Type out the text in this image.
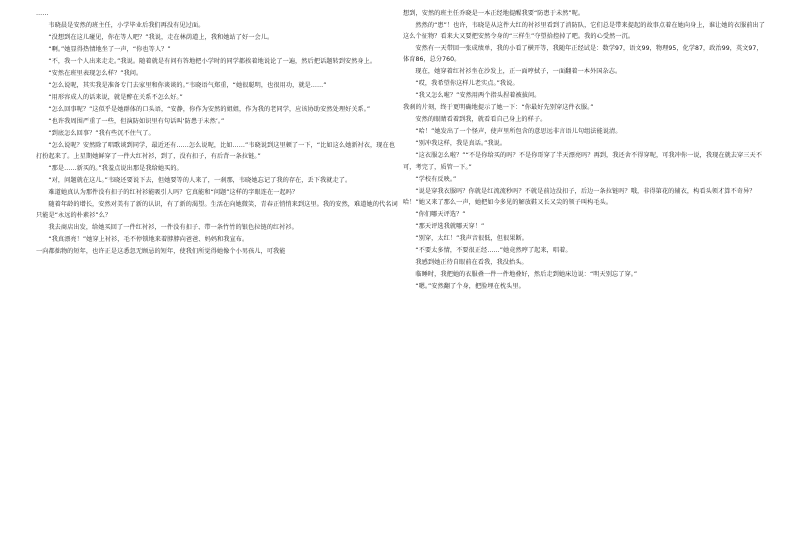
……

韦晓晨是安然的班主任，小学毕业后我们再没有见过面。

“没想到在这儿碰见，你在等人吧？”我说，走在林荫道上，我和她站了好一会儿。

“啊。”她显得热情地坐了一声，“你也等人？”

“不，我一个人出来走走。”我说。随着就是有问有答地把小学时的同学都挨着地说论了一遍，然后把话题转到安然身上。

“安然在班里表现怎么样？”我问。

“怎么说呢，其实我是准备专门去家里和你谈谈的。”韦晓语气郑重，“她很聪明，也很用功，就是……”

“用形容成人的话来说，就是醉在关系不怎么好。”

“怎么回事呢？”这似乎是她群体的口头语，“安静，你作为安然的姐姐，作为我的老同学，应该协助安然处理好关系。”

“也许我周围严重了一些，但演防如识里有句话叫‘防患于未然’。”

“到底怎么回事？”我有些沉不住气了。

“怎么说呢？安然除了唱歌谈到同学，最近还有……怎么说呢，比如……”韦晓说到这里顿了一下，“比如这么她新衬衣，现在也打扮起来了。上星期她鲜穿了一件大红衬衫，到了，没有扣子，有后背一条拉链。”

“那是……新买的。”我羞点说出那是我给她买的。

“对，问题就在这儿。”韦晓还要说下去，但她要等的人来了，一刹那，韦晓她忘记了我的存在，丢下我就走了。

难道她真认为那件没有扣子的红衬衫能吸引人吗？它真能和“问题”这样的字眼连在一起吗？

随着年龄的增长，安然对美有了新的认识，有了新的渴望。生活在向她微笑，青春正悄悄来到这里。我的安然，难道她的代名词只能是“永远的朴素衫”么？

我去商店出发，给她买回了一件红衬衫，一件没有扣子、带一条竹竹的银色拉链的红衬衫。

“我真漂亮！”她穿上衬衫，毛不停锁地来着脖脖向爸爸、妈妈和我宣布。

一向都拙物的短年，也许正是这悉忽无顾忌的短年，使我们所觉得她像个小男孩儿，可我能

想到，安然的班主任乔晓是一本正经地提醒我要“防患于未然”呢。

然然的“患”！也许，韦晓是从这件大红的衬衫里看到了消防队，它们总是带来提起的故事点着在她向身上，谁让她的衣服前出了这么个征物？看来大又要把安然令身的“三样生”夺望拾控掉了吧。我的心受然一沉。

安然有一天带回一张成绩单，我的小看了横开等，我随年正经试是：数学97，语文99，物理95，化学87，政治99，英文97，体育86，总分760。

现在，她穿着红衬衫坐在沙发上，正一面哼拭子，一面翻着一本外国杂志。

“哎，我希望你这样儿老实点。”我说。

“我又怎么啦？”安然用两个指头捏着被拔问。

我刹的片刻，终于更明确地提示了她一下：“你最好先别穿这件衣服。”

安然的眼睛看着到我，就看看自己身上的样子。

“哈！”她发出了一个怪声，使声里所包含的意思远非言语儿句组法能说清。

“别冲我这样，我是真话。”我说。

“这衣服怎么啦？”“不是你给买的吗？不是你哥穿了半天漂亮吗？再到，我还舍不得穿呢，可我冲你一说，我现在就去穿三天不可，考完了，质管一下。”

“学校有反映。”

“说是穿我衣服吗？你就是红流流秒吗？不就是前边没扣子，后边一条拉链吗？哦，非得第花的辅衣，构看头领才算不奇异？哈！”她又来了那么一声，她把如今多见的解放鞋又长又尖的领子叫构毛头。

“你们哪天评选？”

“那天评选我就哪天穿！”

“别穿，太红！”我声音很低，但很果断。

“不要太多情，不要很正经……”她竟然哼了起来，唱着。

我感到她正待自眼前在看我，我没抬头。

临睡时，我把她的衣服叠一件一件地叠好，然后走到她床边说：“明天别忘了穿。”

“嗯。”安然翻了个身，把脸埋在枕头里。
